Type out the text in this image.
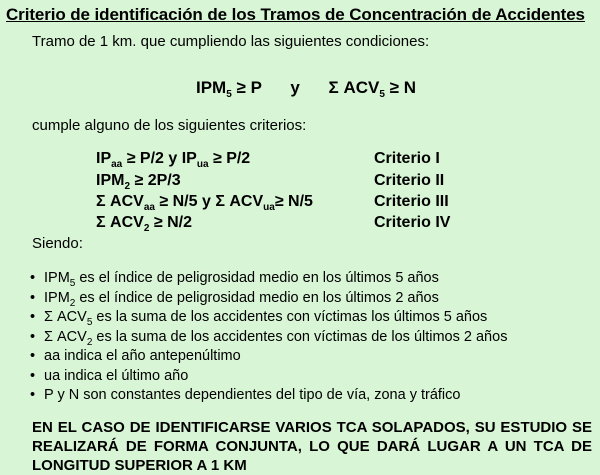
Criterio de identificación de los Tramos de Concentración de Accidentes
Tramo de 1 km. que cumpliendo las siguientes condiciones:
$IPM_5 \ge P$ y Σ $ACV_5 \ge N$
cumple alguno de los siguientes criterios:
$IP_{aa} \ge P/2$ y $IP_{ua} \ge P/2$	Criterio I
$IPM_2 \ge 2P/3$	Criterio II
Σ $ACV_{aa} \ge N/5$ y Σ $ACV_{ua}\ge N/5$	Criterio III
Σ $ACV_2 \ge N/2$	Criterio IV
Siendo:
• $IPM_5$ es el índice de peligrosidad medio en los últimos 5 años
• $IPM_2$ es el índice de peligrosidad medio en los últimos 2 años
• Σ $ACV_5$ es la suma de los accidentes con víctimas los últimos 5 años
• Σ $ACV_2$ es la suma de los accidentes con víctimas de los últimos 2 años
• aa indica el año antepenúltimo
• ua indica el último año
• P y N son constantes dependientes del tipo de vía, zona y tráfico
EN EL CASO DE IDENTIFICARSE VARIOS TCA SOLAPADOS, SU ESTUDIO SE REALIZARÁ DE FORMA CONJUNTA, LO QUE DARÁ LUGAR A UN TCA DE LONGITUD SUPERIOR A 1 KM
